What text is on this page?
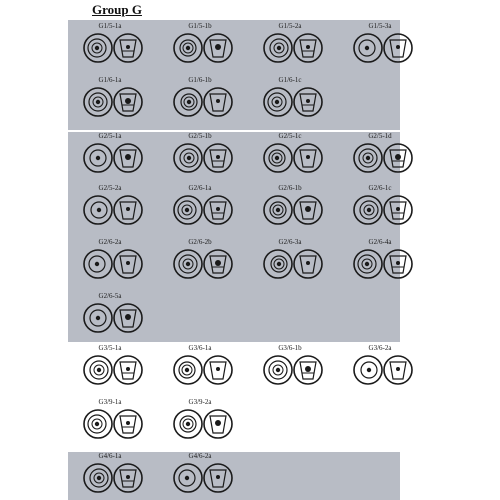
Group G
G1/5-1a	G1/5-1b	G1/5-2a	G1/5-3a
G1/6-1a	G1/6-1b	G1/6-1c
G2/5-1a	G2/5-1b	G2/5-1c	G2/5-1d
G2/5-2a	G2/6-1a	G2/6-1b	G2/6-1c
G2/6-2a	G2/6-2b	G2/6-3a	G2/6-4a
G2/6-5a
G3/5-1a	G3/6-1a	G3/6-1b	G3/6-2a
G3/9-1a	G3/9-2a
G4/6-1a	G4/6-2a
